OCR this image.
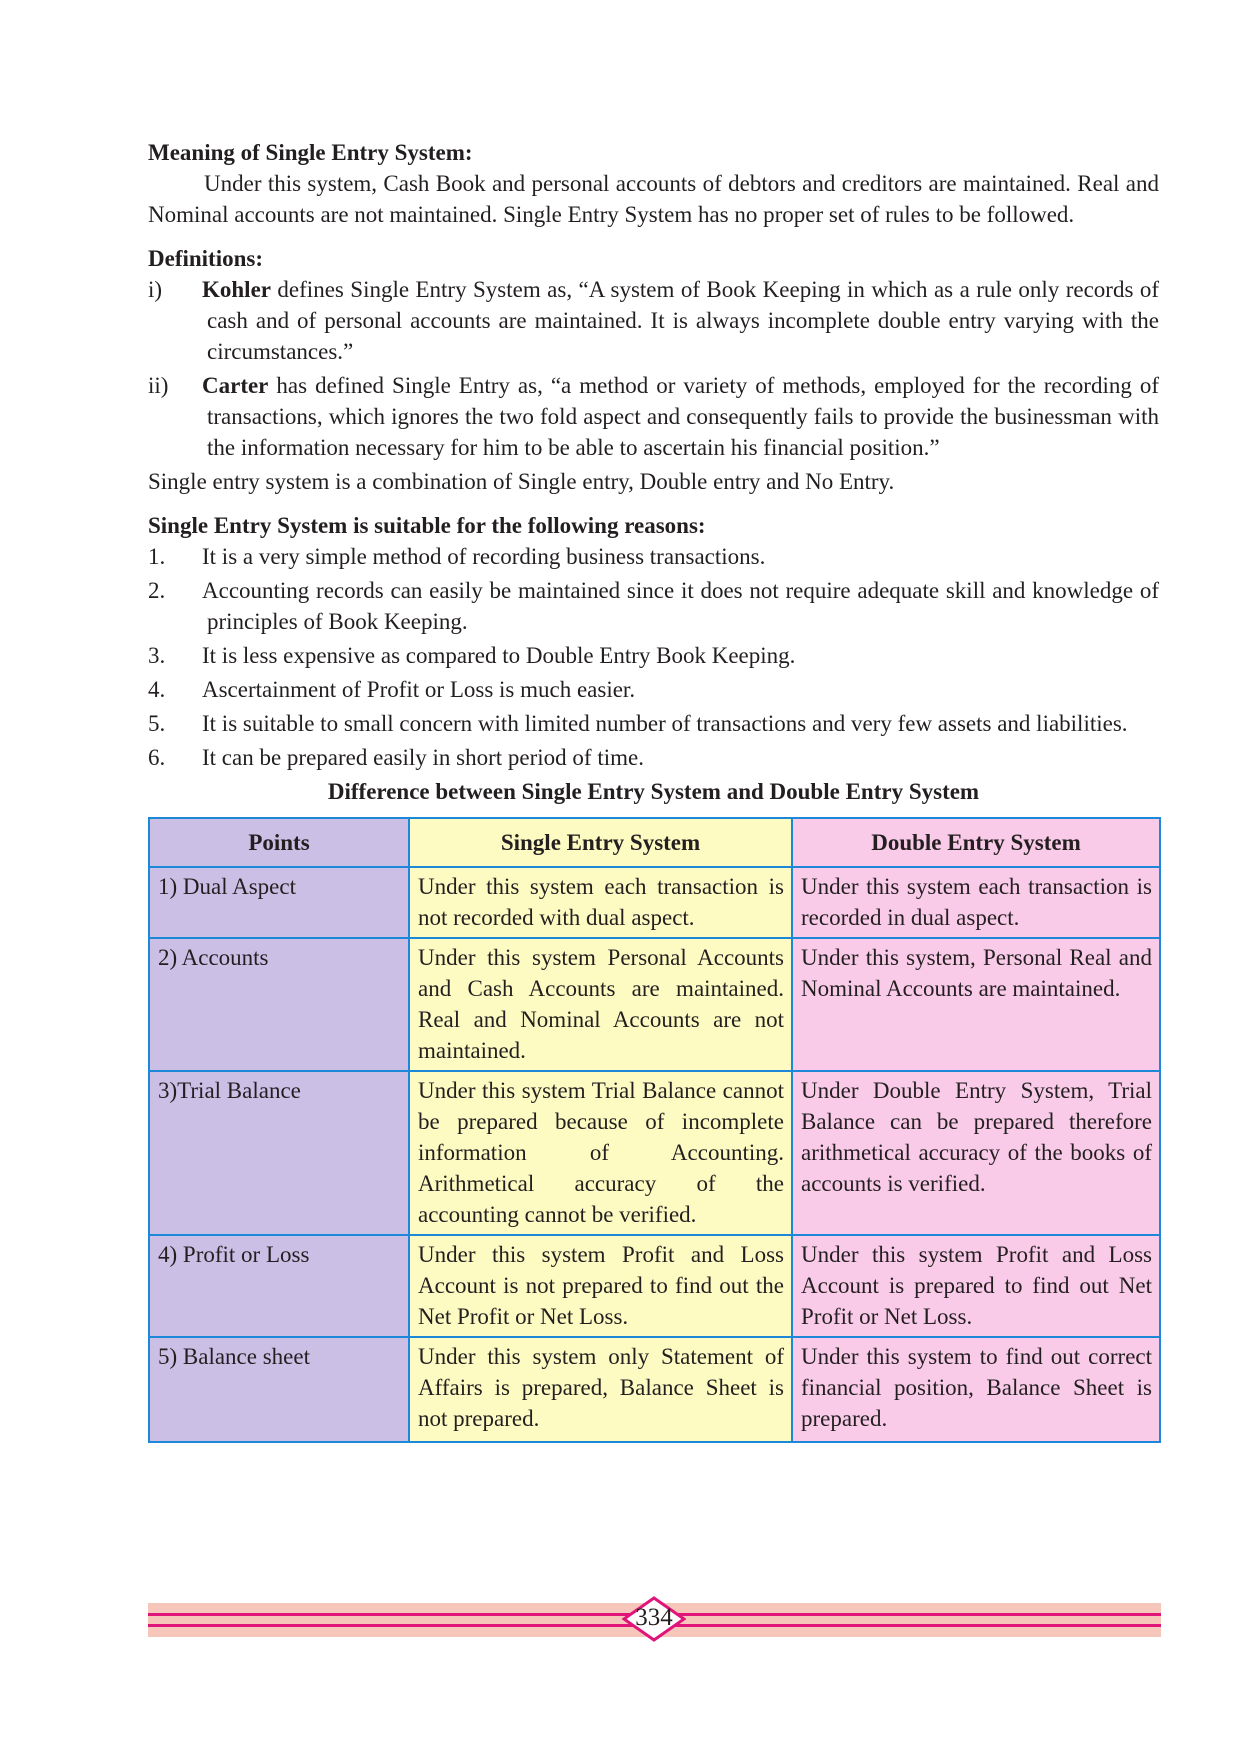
Meaning of Single Entry System:

Under this system, Cash Book and personal accounts of debtors and creditors are maintained. Real and Nominal accounts are not maintained. Single Entry System has no proper set of rules to be followed.

Definitions:

i) Kohler defines Single Entry System as, “A system of Book Keeping in which as a rule only records of cash and of personal accounts are maintained. It is always incomplete double entry varying with the circumstances.”
ii) Carter has defined Single Entry as, “a method or variety of methods, employed for the recording of transactions, which ignores the two fold aspect and consequently fails to provide the businessman with the information necessary for him to be able to ascertain his financial position.”

Single entry system is a combination of Single entry, Double entry and No Entry.

Single Entry System is suitable for the following reasons:

1. It is a very simple method of recording business transactions.
2. Accounting records can easily be maintained since it does not require adequate skill and knowledge of principles of Book Keeping.
3. It is less expensive as compared to Double Entry Book Keeping.
4. Ascertainment of Profit or Loss is much easier.
5. It is suitable to small concern with limited number of transactions and very few assets and liabilities.
6. It can be prepared easily in short period of time.

Difference between Single Entry System and Double Entry System

Points	Single Entry System	Double Entry System
1) Dual Aspect	Under this system each transaction is not recorded with dual aspect.	Under this system each transaction is recorded in dual aspect.
2) Accounts	Under this system Personal Accounts and Cash Accounts are maintained. Real and Nominal Accounts are not maintained.	Under this system, Personal Real and Nominal Accounts are maintained.
3)Trial Balance	Under this system Trial Balance cannot be prepared because of incomplete information of Accounting. Arithmetical accuracy of the accounting cannot be verified.	Under Double Entry System, Trial Balance can be prepared therefore arithmetical accuracy of the books of accounts is verified.
4) Profit or Loss	Under this system Profit and Loss Account is not prepared to find out the Net Profit or Net Loss.	Under this system Profit and Loss Account is prepared to find out Net Profit or Net Loss.
5) Balance sheet	Under this system only Statement of Affairs is prepared, Balance Sheet is not prepared.	Under this system to find out correct financial position, Balance Sheet is prepared.
334
